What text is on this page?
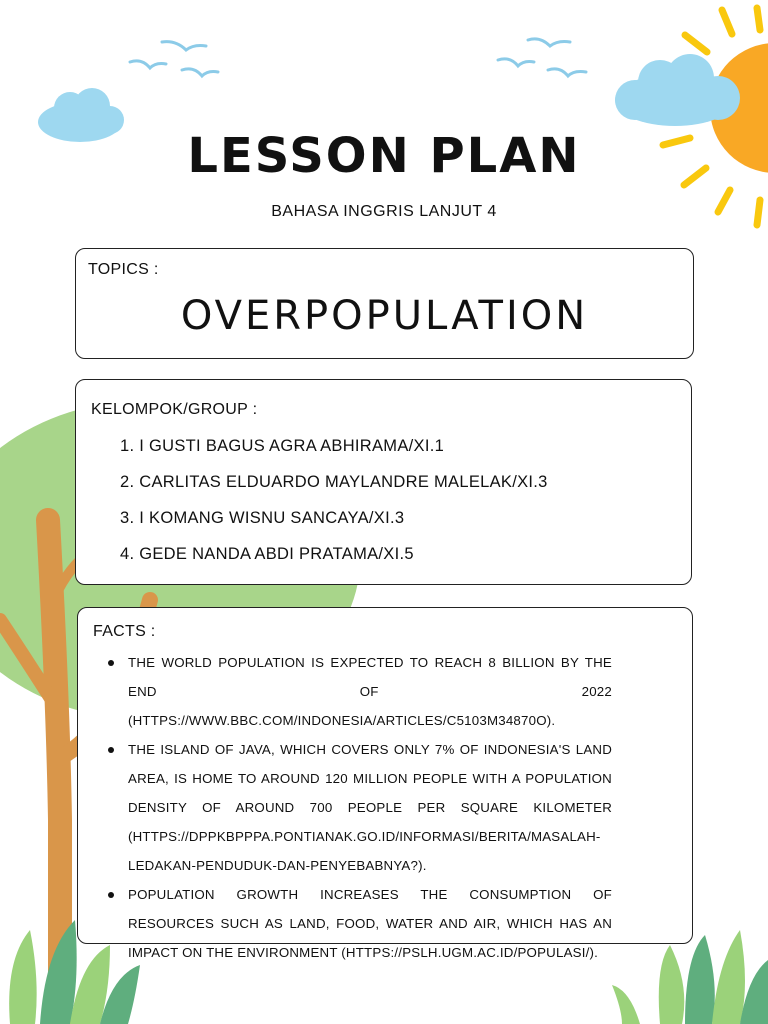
LESSON PLAN
BAHASA INGGRIS LANJUT 4
TOPICS :
OVERPOPULATION
KELOMPOK/GROUP :
1. I GUSTI BAGUS AGRA ABHIRAMA/XI.1
2. CARLITAS ELDUARDO MAYLANDRE MALELAK/XI.3
3. I KOMANG WISNU SANCAYA/XI.3
4. GEDE NANDA ABDI PRATAMA/XI.5
FACTS :
THE WORLD POPULATION IS EXPECTED TO REACH 8 BILLION BY THE END OF 2022 (HTTPS://WWW.BBC.COM/INDONESIA/ARTICLES/C5103M34870O).
THE ISLAND OF JAVA, WHICH COVERS ONLY 7% OF INDONESIA'S LAND AREA, IS HOME TO AROUND 120 MILLION PEOPLE WITH A POPULATION DENSITY OF AROUND 700 PEOPLE PER SQUARE KILOMETER (HTTPS://DPPKBPPPA.PONTIANAK.GO.ID/INFORMASI/BERITA/MASALAH-LEDAKAN-PENDUDUK-DAN-PENYEBABNYA?).
POPULATION GROWTH INCREASES THE CONSUMPTION OF RESOURCES SUCH AS LAND, FOOD, WATER AND AIR, WHICH HAS AN IMPACT ON THE ENVIRONMENT (HTTPS://PSLH.UGM.AC.ID/POPULASI/).
